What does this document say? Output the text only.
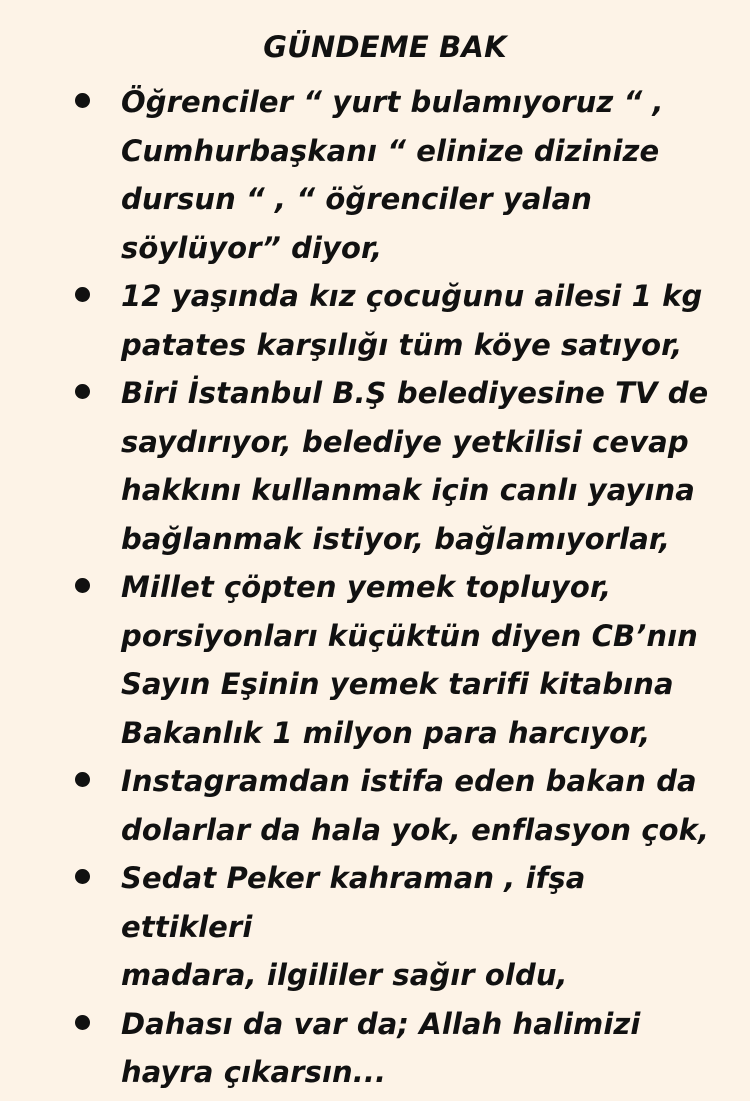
GÜNDEME BAK
Öğrenciler “ yurt bulamıyoruz “ ,
Cumhurbaşkanı “ elinize dizinize
dursun “ , “ öğrenciler yalan
söylüyor” diyor,
12 yaşında kız çocuğunu ailesi 1 kg
patates karşılığı tüm köye satıyor,
Biri İstanbul B.Ş belediyesine TV de
saydırıyor, belediye yetkilisi cevap
hakkını kullanmak için canlı yayına
bağlanmak istiyor, bağlamıyorlar,
Millet çöpten yemek topluyor,
porsiyonları küçüktün diyen CB’nın
Sayın Eşinin yemek tarifi kitabına
Bakanlık 1 milyon para harcıyor,
Instagramdan istifa eden bakan da
dolarlar da hala yok, enflasyon çok,
Sedat Peker kahraman , ifşa ettikleri
madara, ilgililer sağır oldu,
Dahası da var da; Allah halimizi
hayra çıkarsın...
